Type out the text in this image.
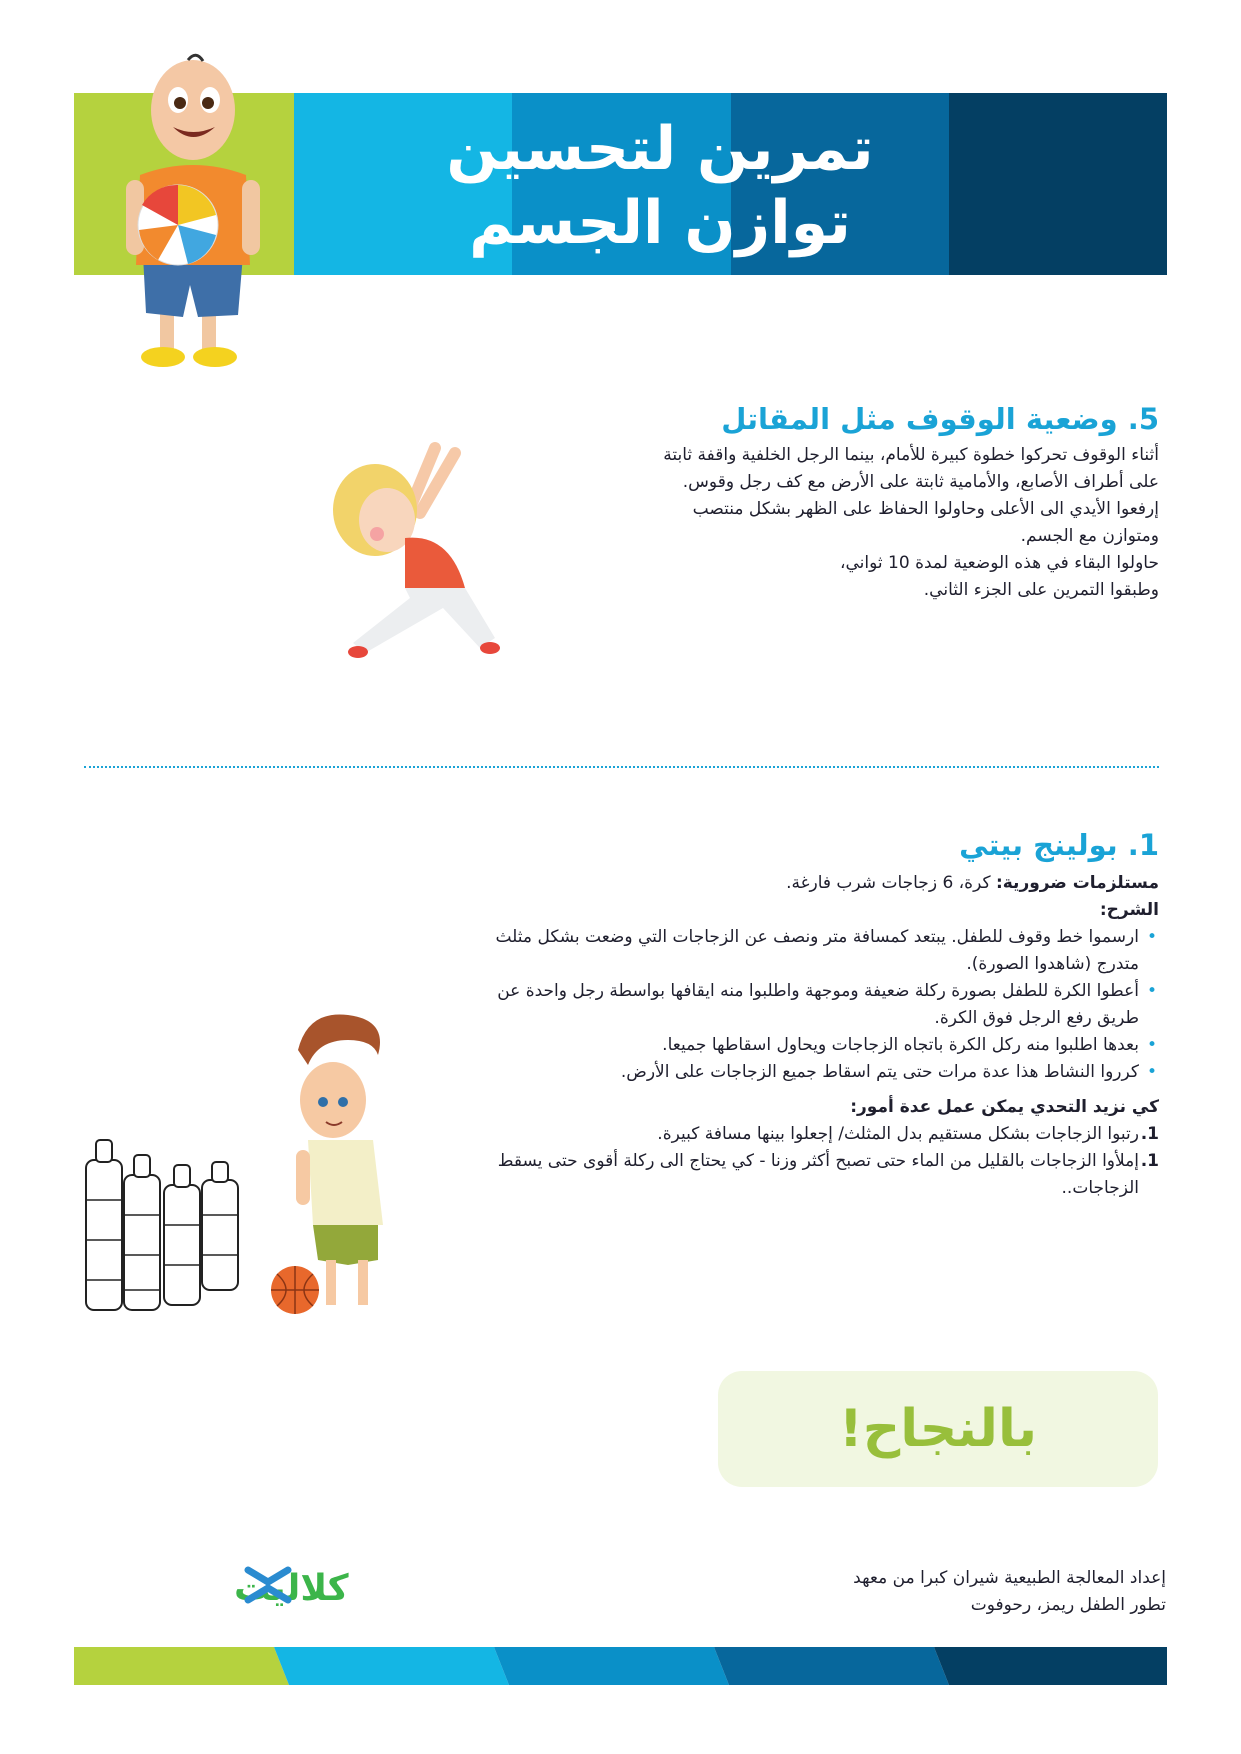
تمرين لتحسين
توازن الجسم
5. وضعية الوقوف مثل المقاتل

أثناء الوقوف تحركوا خطوة كبيرة للأمام، بينما الرجل الخلفية واقفة ثابتة

على أطراف الأصابع، والأمامية ثابتة على الأرض مع كف رجل وقوس.

إرفعوا الأيدي الى الأعلى وحاولوا الحفاظ على الظهر بشكل منتصب

ومتوازن مع الجسم.

حاولوا البقاء في هذه الوضعية لمدة 10 ثواني،

وطبقوا التمرين على الجزء الثاني.

1. بولينج بيتي

مستلزمات ضرورية: كرة، 6 زجاجات شرب فارغة.

الشرح:

• ارسموا خط وقوف للطفل. يبتعد كمسافة متر ونصف عن الزجاجات التي وضعت بشكل مثلث متدرج (شاهدوا الصورة).
• أعطوا الكرة للطفل بصورة ركلة ضعيفة وموجهة واطلبوا منه ايقافها بواسطة رجل واحدة عن طريق رفع الرجل فوق الكرة.
• بعدها اطلبوا منه ركل الكرة باتجاه الزجاجات ويحاول اسقاطها جميعا.
• كرروا النشاط هذا عدة مرات حتى يتم اسقاط جميع الزجاجات على الأرض.

كي نزيد التحدي يمكن عمل عدة أمور:

1.
رتبوا الزجاجات بشكل مستقيم بدل المثلث/ إجعلوا بينها مسافة كبيرة.
1.
إملأوا الزجاجات بالقليل من الماء حتى تصبح أكثر وزنا - كي يحتاج الى ركلة أقوى حتى يسقط الزجاجات..
بالنجاح!
كلاليت	إعداد المعالجة الطبيعية شيران كبرا من معهد

تطور الطفل ريمز، رحوفوت
